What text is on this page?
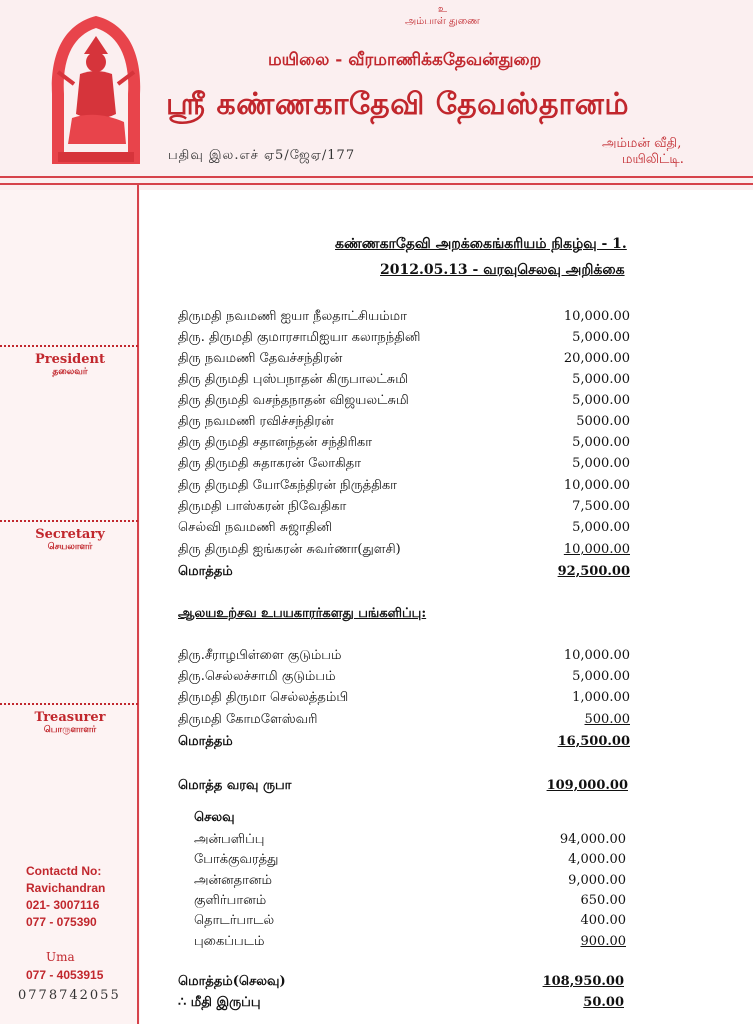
உ
அம்பாள் துணை
மயிலை - வீரமாணிக்கதேவன்துறை
ஸ்ரீ கண்ணகாதேவி தேவஸ்தானம்
அம்மன் வீதி,
மயிலிட்டி.
பதிவு இல.எச் ஏ5/ஜேஏ/177
President
தலைவர்
Secretary
செயலாளர்
Treasurer
பொருளாளர்
Contactd No:
Ravichandran
021- 3007116
077 - 075390
Uma
077 - 4053915
0778742055
கண்ணகாதேவி அறக்கைங்கரியம் நிகழ்வு - 1.
2012.05.13 - வரவுசெலவு அறிக்கை
திருமதி நவமணி ஐயா நீலதாட்சியம்மா	10,000.00
திரு. திருமதி குமாரசாமிஐயா கலாநந்தினி	5,000.00
திரு நவமணி தேவச்சந்திரன்	20,000.00
திரு திருமதி புஸ்பநாதன் கிருபாலட்சுமி	5,000.00
திரு திருமதி வசந்தநாதன் விஜயலட்சுமி	5,000.00
திரு நவமணி ரவிச்சந்திரன்	5000.00
திரு திருமதி சதானந்தன் சந்திரிகா	5,000.00
திரு திருமதி சுதாகரன் லோகிதா	5,000.00
திரு திருமதி யோகேந்திரன் நிருத்திகா	10,000.00
திருமதி பாஸ்கரன் நிவேதிகா	7,500.00
செல்வி நவமணி சுஜாதினி	5,000.00
திரு திருமதி ஐங்கரன் சுவர்ணா(துளசி)	10,000.00
மொத்தம்	92,500.00
ஆலயஉற்சவ உபயகாரர்களது பங்களிப்பு:
திரு.சீராழபிள்ளை குடும்பம்	10,000.00
திரு.செல்லச்சாமி குடும்பம்	5,000.00
திருமதி திருமா செல்லத்தம்பி	1,000.00
திருமதி கோமளேஸ்வரி	500.00
மொத்தம்	16,500.00
மொத்த வரவு ருபா	109,000.00
செலவு
அன்பளிப்பு	94,000.00
போக்குவரத்து	4,000.00
அன்னதானம்	9,000.00
குளிர்பானம்	650.00
தொடர்பாடல்	400.00
புகைப்படம்	900.00
மொத்தம்(செலவு)	108,950.00
∴ மீதி இருப்பு	50.00
